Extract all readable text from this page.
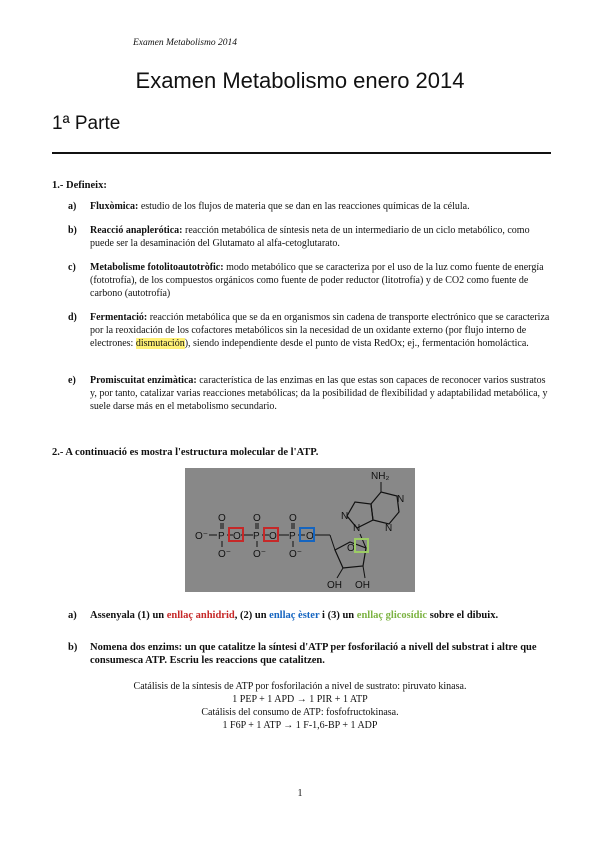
Examen Metabolismo 2014
Examen Metabolismo enero 2014
1ª Parte
1.- Defineix:
a) Fluxòmica: estudio de los flujos de materia que se dan en las reacciones químicas de la célula.
b) Reacció anaplerótica: reacción metabólica de síntesis neta de un intermediario de un ciclo metabólico, como puede ser la desaminación del Glutamato al alfa-cetoglutarato.
c) Metabolisme fotolitoautotròfic: modo metabólico que se caracteriza por el uso de la luz como fuente de energía (fototrofía), de los compuestos orgánicos como fuente de poder reductor (litotrofía) y de CO2 como fuente de carbono (autotrofía)
d) Fermentació: reacción metabólica que se da en organismos sin cadena de transporte electrónico que se caracteriza por la reoxidación de los cofactores metabólicos sin la necesidad de un oxidante externo (por flujo interno de electrones: dismutación), siendo independiente desde el punto de vista RedOx; ej., fermentación homoláctica.
e) Promiscuitat enzimàtica: característica de las enzimas en las que estas son capaces de reconocer varios sustratos y, por tanto, catalizar varias reacciones metabólicas; da la posibilidad de flexibilidad y adaptabilidad metabólica, y suele darse más en el metabolismo secundario.
2.- A continuació es mostra l'estructura molecular de l'ATP.
O⁻ P
O
O⁻
O P
O
O⁻
O P
O
O⁻
O
O
OH OH
N
N
N
N
NH₂
a) Assenyala (1) un enllaç anhidrid, (2) un enllaç èster i (3) un enllaç glicosídic sobre el dibuix.
b) Nomena dos enzims: un que catalitze la síntesi d'ATP per fosforilació a nivell del substrat i altre que consumesca ATP. Escriu les reaccions que catalitzen.
Catálisis de la síntesis de ATP por fosforilación a nivel de sustrato: piruvato kinasa.
1 PEP + 1 APD → 1 PIR + 1 ATP
Catálisis del consumo de ATP: fosfofructokinasa.
1 F6P + 1 ATP → 1 F-1,6-BP + 1 ADP
1
